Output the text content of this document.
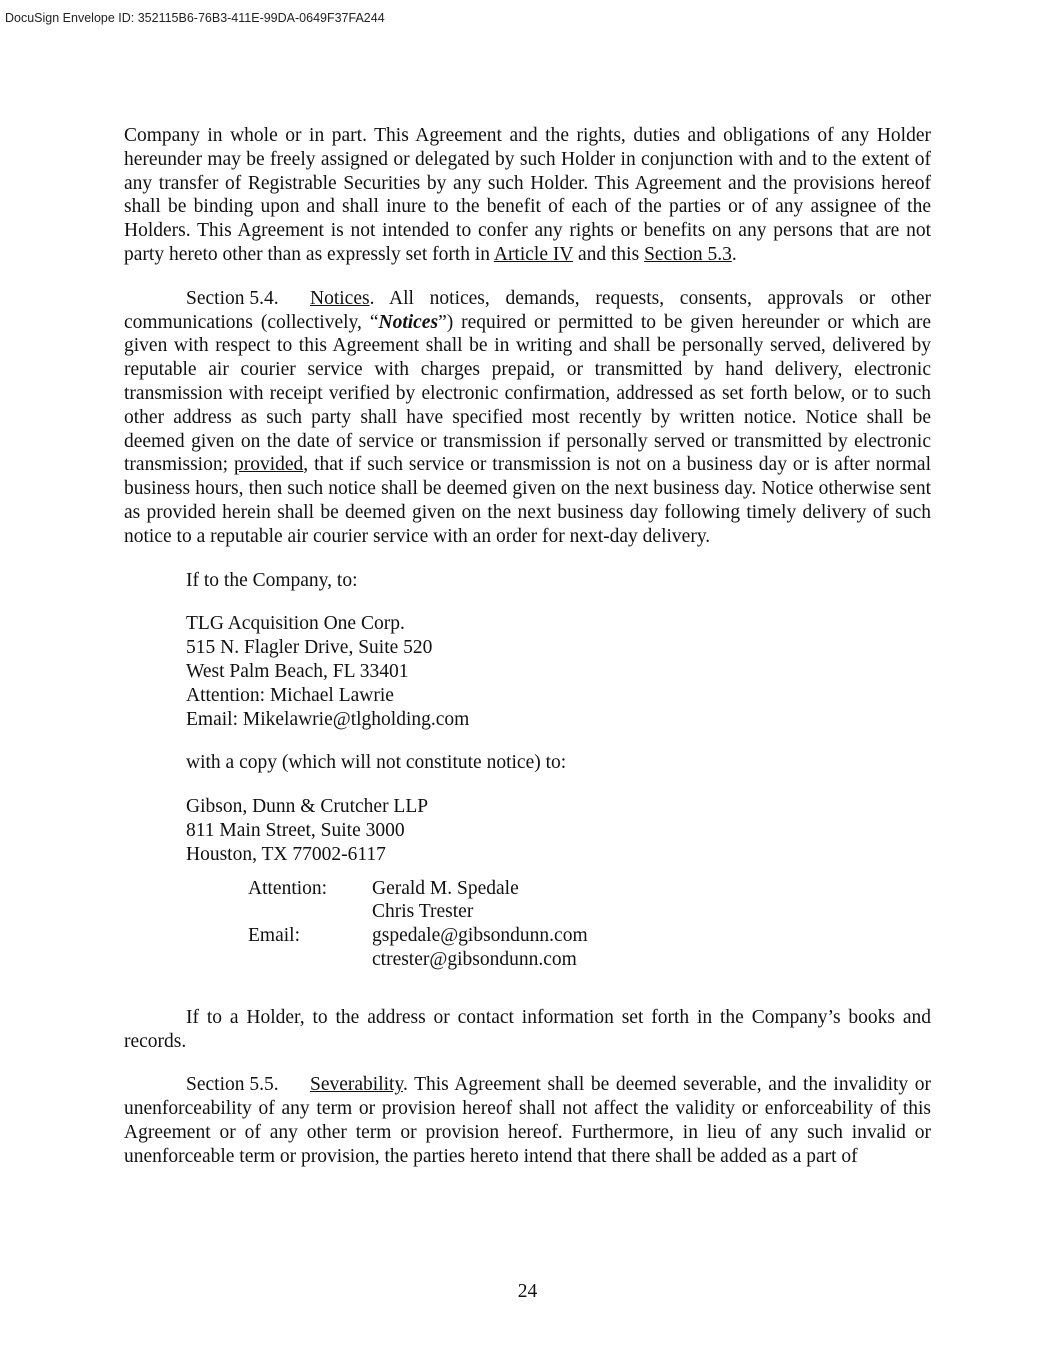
DocuSign Envelope ID: 352115B6-76B3-411E-99DA-0649F37FA244

Company in whole or in part. This Agreement and the rights, duties and obligations of any Holder hereunder may be freely assigned or delegated by such Holder in conjunction with and to the extent of any transfer of Registrable Securities by any such Holder. This Agreement and the provisions hereof shall be binding upon and shall inure to the benefit of each of the parties or of any assignee of the Holders. This Agreement is not intended to confer any rights or benefits on any persons that are not party hereto other than as expressly set forth in Article IV and this Section 5.3.

Section 5.4. Notices. All notices, demands, requests, consents, approvals or other communications (collectively, “Notices”) required or permitted to be given hereunder or which are given with respect to this Agreement shall be in writing and shall be personally served, delivered by reputable air courier service with charges prepaid, or transmitted by hand delivery, electronic transmission with receipt verified by electronic confirmation, addressed as set forth below, or to such other address as such party shall have specified most recently by written notice. Notice shall be deemed given on the date of service or transmission if personally served or transmitted by electronic transmission; provided, that if such service or transmission is not on a business day or is after normal business hours, then such notice shall be deemed given on the next business day. Notice otherwise sent as provided herein shall be deemed given on the next business day following timely delivery of such notice to a reputable air courier service with an order for next-day delivery.

If to the Company, to:
TLG Acquisition One Corp.
515 N. Flagler Drive, Suite 520
West Palm Beach, FL 33401
Attention: Michael Lawrie
Email: Mikelawrie@tlgholding.com
with a copy (which will not constitute notice) to:
Gibson, Dunn & Crutcher LLP
811 Main Street, Suite 3000
Houston, TX 77002-6117
Attention:	Gerald M. Spedale
Chris Trester
Email:	gspedale@gibsondunn.com
ctrester@gibsondunn.com

If to a Holder, to the address or contact information set forth in the Company’s books and records.

Section 5.5. Severability. This Agreement shall be deemed severable, and the invalidity or unenforceability of any term or provision hereof shall not affect the validity or enforceability of this Agreement or of any other term or provision hereof. Furthermore, in lieu of any such invalid or unenforceable term or provision, the parties hereto intend that there shall be added as a part of

24
